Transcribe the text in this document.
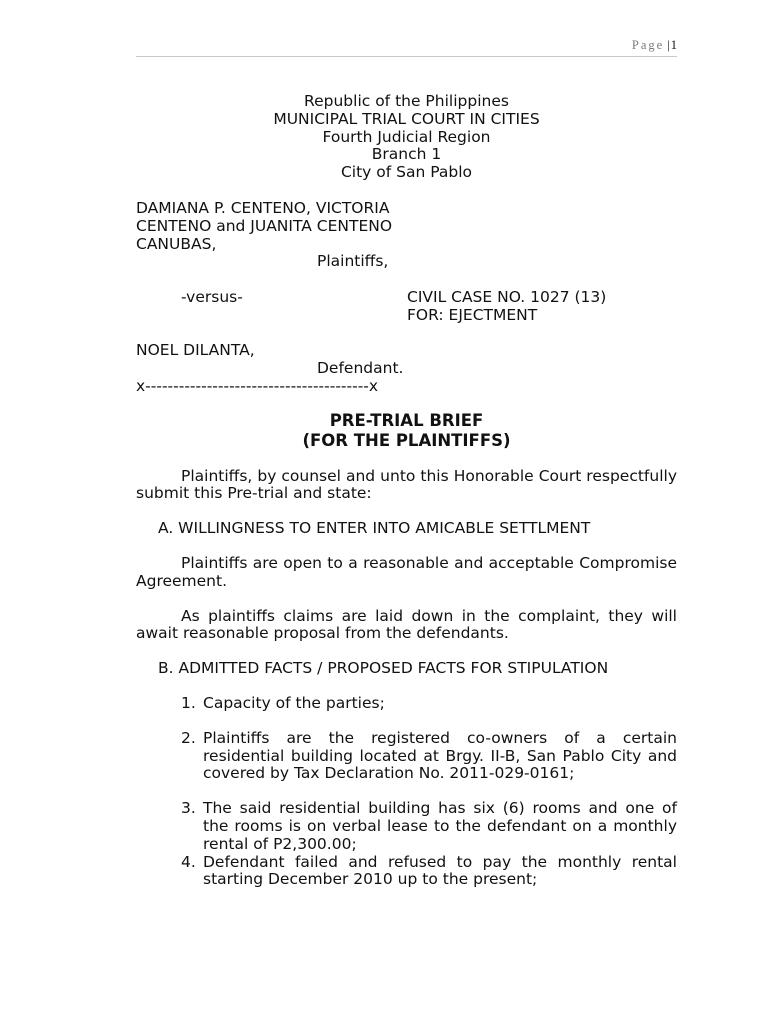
Page |1
Republic of the Philippines
MUNICIPAL TRIAL COURT IN CITIES
Fourth Judicial Region
Branch 1
City of San Pablo
DAMIANA P. CENTENO, VICTORIA CENTENO and JUANITA CENTENO CANUBAS,
Plaintiffs,
-versus-	CIVIL CASE NO. 1027 (13)
FOR: EJECTMENT
NOEL DILANTA,
Defendant.
x----------------------------------------x
PRE-TRIAL BRIEF
(FOR THE PLAINTIFFS)

Plaintiffs, by counsel and unto this Honorable Court respectfully submit this Pre-trial and state:

A. WILLINGNESS TO ENTER INTO AMICABLE SETTLMENT

Plaintiffs are open to a reasonable and acceptable Compromise Agreement.

As plaintiffs claims are laid down in the complaint, they will await reasonable proposal from the defendants.

B. ADMITTED FACTS / PROPOSED FACTS FOR STIPULATION
1. Capacity of the parties;
2. Plaintiffs are the registered co-owners of a certain residential building located at Brgy. II-B, San Pablo City and covered by Tax Declaration No. 2011-029-0161;
3. The said residential building has six (6) rooms and one of the rooms is on verbal lease to the defendant on a monthly rental of P2,300.00;
4. Defendant failed and refused to pay the monthly rental starting December 2010 up to the present;
